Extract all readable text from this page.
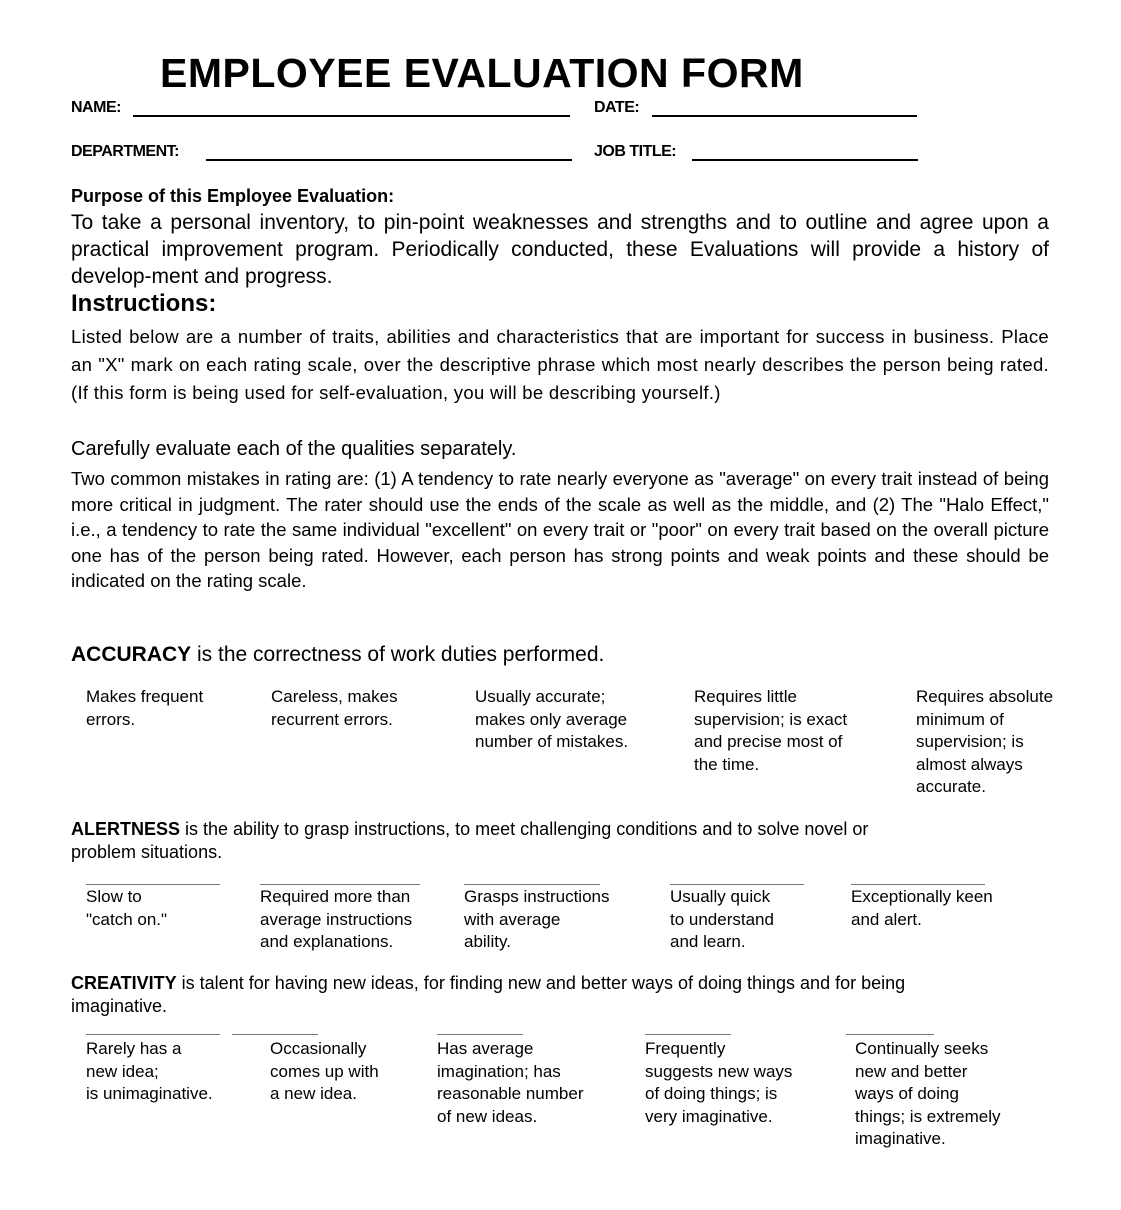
EMPLOYEE EVALUATION FORM
NAME:	DATE:
DEPARTMENT:	JOB TITLE:
Purpose of this Employee Evaluation:
To take a personal inventory, to pin-point weaknesses and strengths and to outline and agree upon a practical improvement program. Periodically conducted, these Evaluations will provide a history of develop-ment and progress.
Instructions:
Listed below are a number of traits, abilities and characteristics that are important for success in business. Place an "X" mark on each rating scale, over the descriptive phrase which most nearly describes the person being rated. (If this form is being used for self-evaluation, you will be describing yourself.)
Carefully evaluate each of the qualities separately.
Two common mistakes in rating are: (1) A tendency to rate nearly everyone as "average" on every trait instead of being more critical in judgment. The rater should use the ends of the scale as well as the middle, and (2) The "Halo Effect," i.e., a tendency to rate the same individual "excellent" on every trait or "poor" on every trait based on the overall picture one has of the person being rated. However, each person has strong points and weak points and these should be indicated on the rating scale.
ACCURACY is the correctness of work duties performed.
Makes frequent
errors.
Careless, makes
recurrent errors.
Usually accurate;
makes only average
number of mistakes.
Requires little
supervision; is exact
and precise most of
the time.
Requires absolute
minimum of
supervision; is
almost always
accurate.
ALERTNESS is the ability to grasp instructions, to meet challenging conditions and to solve novel or problem situations.
Slow to
"catch on."
Required more than
average instructions
and explanations.
Grasps instructions
with average
ability.
Usually quick
to understand
and learn.
Exceptionally keen
and alert.
CREATIVITY is talent for having new ideas, for finding new and better ways of doing things and for being imaginative.
Rarely has a
new idea;
is unimaginative.
Occasionally
comes up with
a new idea.
Has average
imagination; has
reasonable number
of new ideas.
Frequently
suggests new ways
of doing things; is
very imaginative.
Continually seeks
new and better
ways of doing
things; is extremely
imaginative.
